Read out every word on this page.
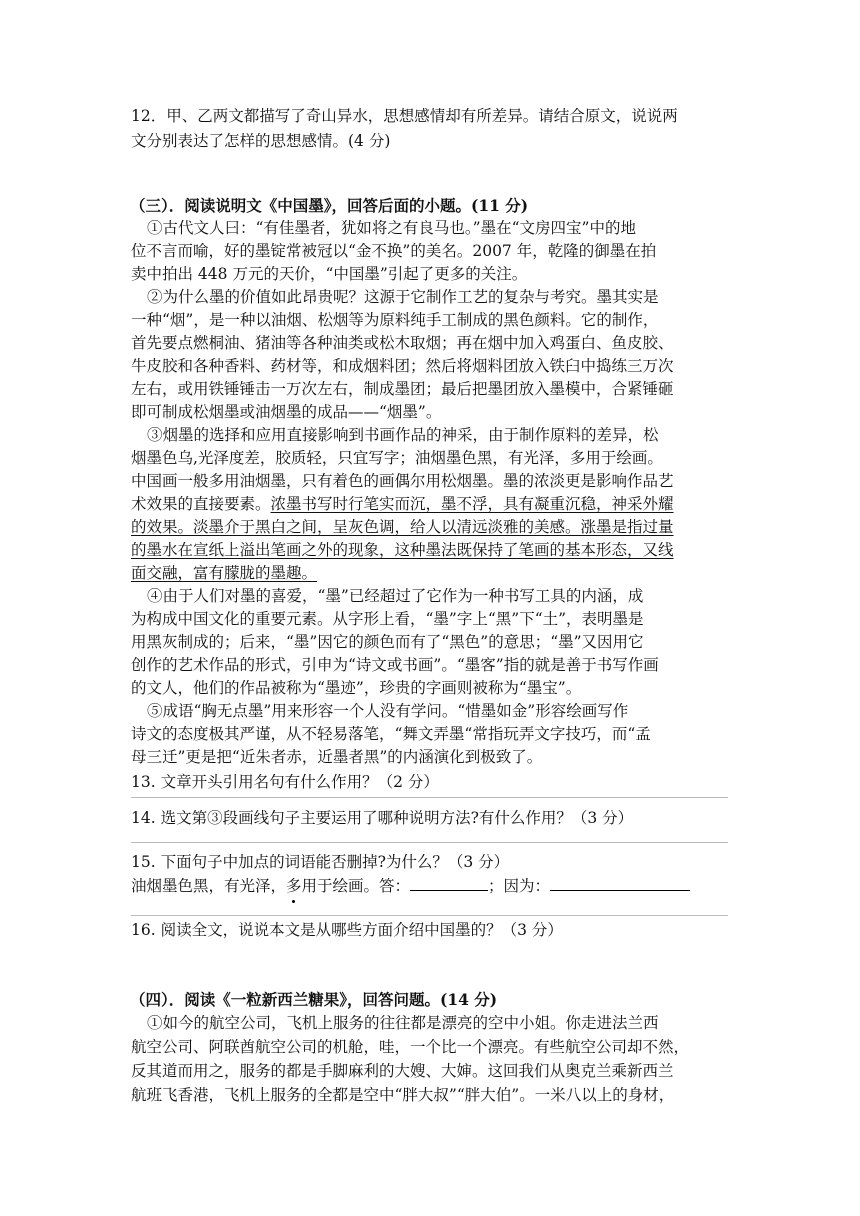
12．甲、乙两文都描写了奇山异水，思想感情却有所差异。请结合原文，说说两
文分别表达了怎样的思想感情。(4 分)
（三）．阅读说明文《中国墨》，回答后面的小题。(11 分)
①古代文人曰：“有佳墨者，犹如将之有良马也。”墨在“文房四宝”中的地
位不言而喻，好的墨锭常被冠以“金不换”的美名。2007 年，乾隆的御墨在拍
卖中拍出 448 万元的天价，“中国墨”引起了更多的关注。
②为什么墨的价值如此昂贵呢？这源于它制作工艺的复杂与考究。墨其实是
一种“烟”，是一种以油烟、松烟等为原料纯手工制成的黑色颜料。它的制作，
首先要点燃桐油、猪油等各种油类或松木取烟；再在烟中加入鸡蛋白、鱼皮胶、
牛皮胶和各种香料、药材等，和成烟料团；然后将烟料团放入铁臼中捣练三万次
左右，或用铁锤锤击一万次左右，制成墨团；最后把墨团放入墨模中，合紧锤砸
即可制成松烟墨或油烟墨的成品——“烟墨”。
③烟墨的选择和应用直接影响到书画作品的神采，由于制作原料的差异，松
烟墨色乌,光泽度差，胶质轻，只宜写字；油烟墨色黑，有光泽，多用于绘画。
中国画一般多用油烟墨，只有着色的画偶尔用松烟墨。墨的浓淡更是影响作品艺
术效果的直接要素。浓墨书写时行笔实而沉，墨不浮，具有凝重沉稳，神采外耀
的效果。淡墨介于黑白之间，呈灰色调，给人以清远淡雅的美感。涨墨是指过量
的墨水在宣纸上溢出笔画之外的现象，这种墨法既保持了笔画的基本形态，又线
面交融，富有朦胧的墨趣。
④由于人们对墨的喜爱，“墨”已经超过了它作为一种书写工具的内涵，成
为构成中国文化的重要元素。从字形上看，“墨”字上“黑”下“土”，表明墨是
用黑灰制成的；后来，“墨”因它的颜色而有了“黑色”的意思；“墨”又因用它
创作的艺术作品的形式，引申为“诗文或书画”。“墨客”指的就是善于书写作画
的文人，他们的作品被称为“墨迹”，珍贵的字画则被称为“墨宝”。
⑤成语“胸无点墨”用来形容一个人没有学问。“惜墨如金”形容绘画写作
诗文的态度极其严谨，从不轻易落笔，“舞文弄墨“常指玩弄文字技巧，而“孟
母三迁”更是把“近朱者赤，近墨者黑”的内涵演化到极致了。
13. 文章开头引用名句有什么作用？（2 分）
14. 选文第③段画线句子主要运用了哪种说明方法?有什么作用？（3 分）
15. 下面句子中加点的词语能否删掉?为什么？（3 分）
油烟墨色黑，有光泽，多用于绘画。答：	；因为：
16. 阅读全文，说说本文是从哪些方面介绍中国墨的？（3 分）
（四）．阅读《一粒新西兰糖果》，回答问题。(14 分)
①如今的航空公司，飞机上服务的往往都是漂亮的空中小姐。你走进法兰西
航空公司、阿联酋航空公司的机舱，哇，一个比一个漂亮。有些航空公司却不然，
反其道而用之，服务的都是手脚麻利的大嫂、大婶。这回我们从奥克兰乘新西兰
航班飞香港，飞机上服务的全都是空中“胖大叔”“胖大伯”。一米八以上的身材，
